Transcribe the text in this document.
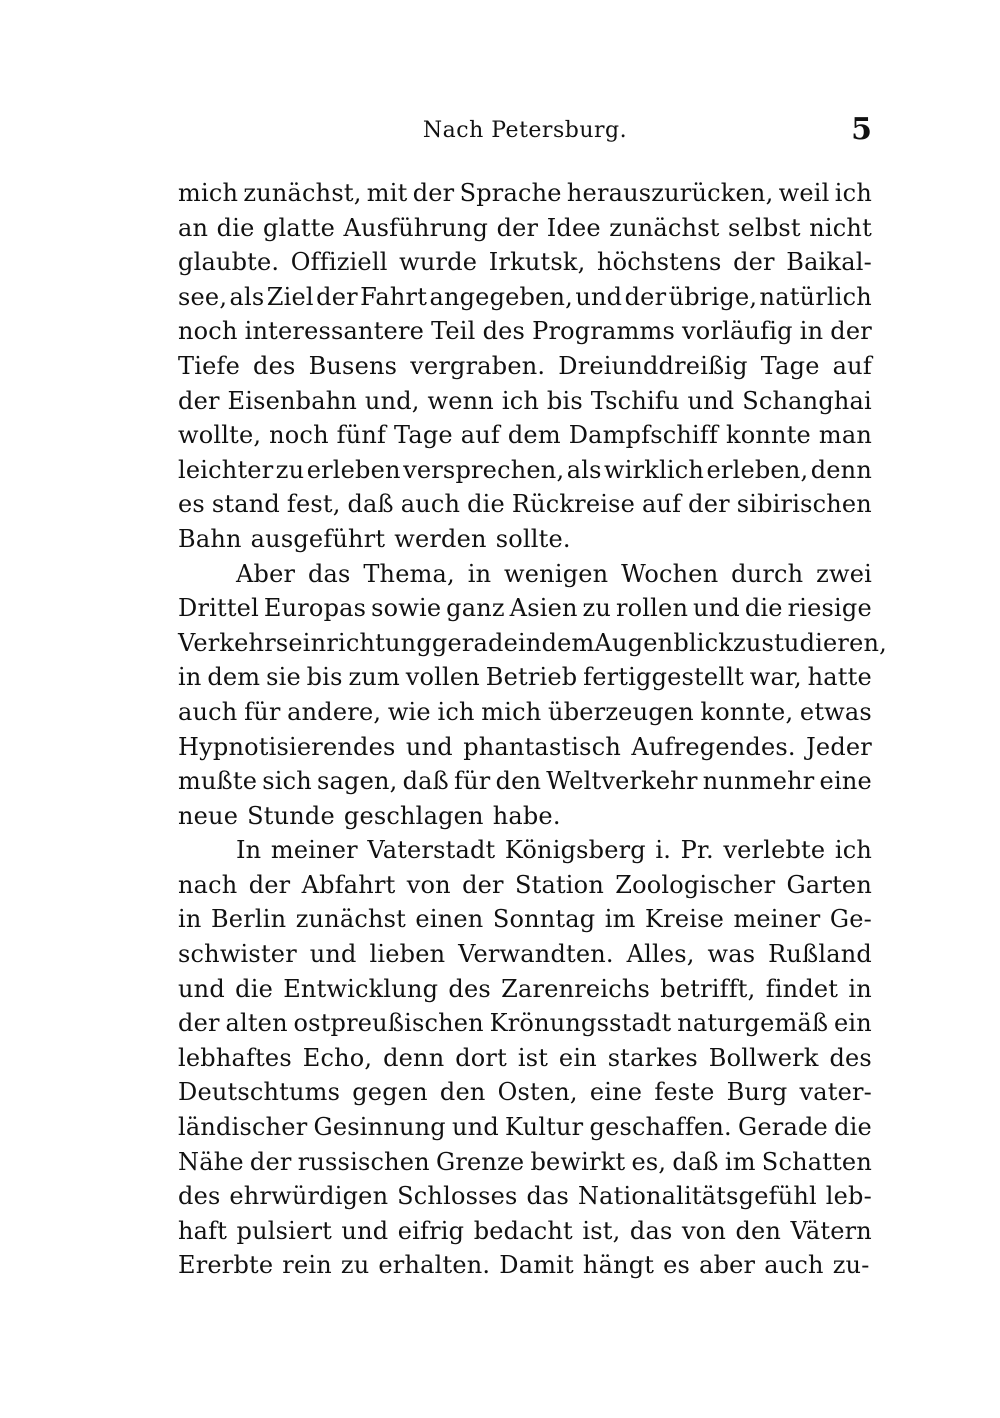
Nach Petersburg.	5
mich zunächst, mit der Sprache herauszurücken, weil ich
an die glatte Ausführung der Idee zunächst selbst nicht
glaubte. Offiziell wurde Irkutsk, höchstens der Baikal-
see, als Ziel der Fahrt angegeben, und der übrige, natürlich
noch interessantere Teil des Programms vorläufig in der
Tiefe des Busens vergraben. Dreiunddreißig Tage auf
der Eisenbahn und, wenn ich bis Tschifu und Schanghai
wollte, noch fünf Tage auf dem Dampfschiff konnte man
leichter zu erleben versprechen, als wirklich erleben, denn
es stand fest, daß auch die Rückreise auf der sibirischen
Bahn ausgeführt werden sollte.
Aber das Thema, in wenigen Wochen durch zwei
Drittel Europas sowie ganz Asien zu rollen und die riesige
Verkehrseinrichtung gerade in dem Augenblick zu studieren,
in dem sie bis zum vollen Betrieb fertiggestellt war, hatte
auch für andere, wie ich mich überzeugen konnte, etwas
Hypnotisierendes und phantastisch Aufregendes. Jeder
mußte sich sagen, daß für den Weltverkehr nunmehr eine
neue Stunde geschlagen habe.
In meiner Vaterstadt Königsberg i. Pr. verlebte ich
nach der Abfahrt von der Station Zoologischer Garten
in Berlin zunächst einen Sonntag im Kreise meiner Ge-
schwister und lieben Verwandten. Alles, was Rußland
und die Entwicklung des Zarenreichs betrifft, findet in
der alten ostpreußischen Krönungsstadt naturgemäß ein
lebhaftes Echo, denn dort ist ein starkes Bollwerk des
Deutschtums gegen den Osten, eine feste Burg vater-
ländischer Gesinnung und Kultur geschaffen. Gerade die
Nähe der russischen Grenze bewirkt es, daß im Schatten
des ehrwürdigen Schlosses das Nationalitätsgefühl leb-
haft pulsiert und eifrig bedacht ist, das von den Vätern
Ererbte rein zu erhalten. Damit hängt es aber auch zu-
